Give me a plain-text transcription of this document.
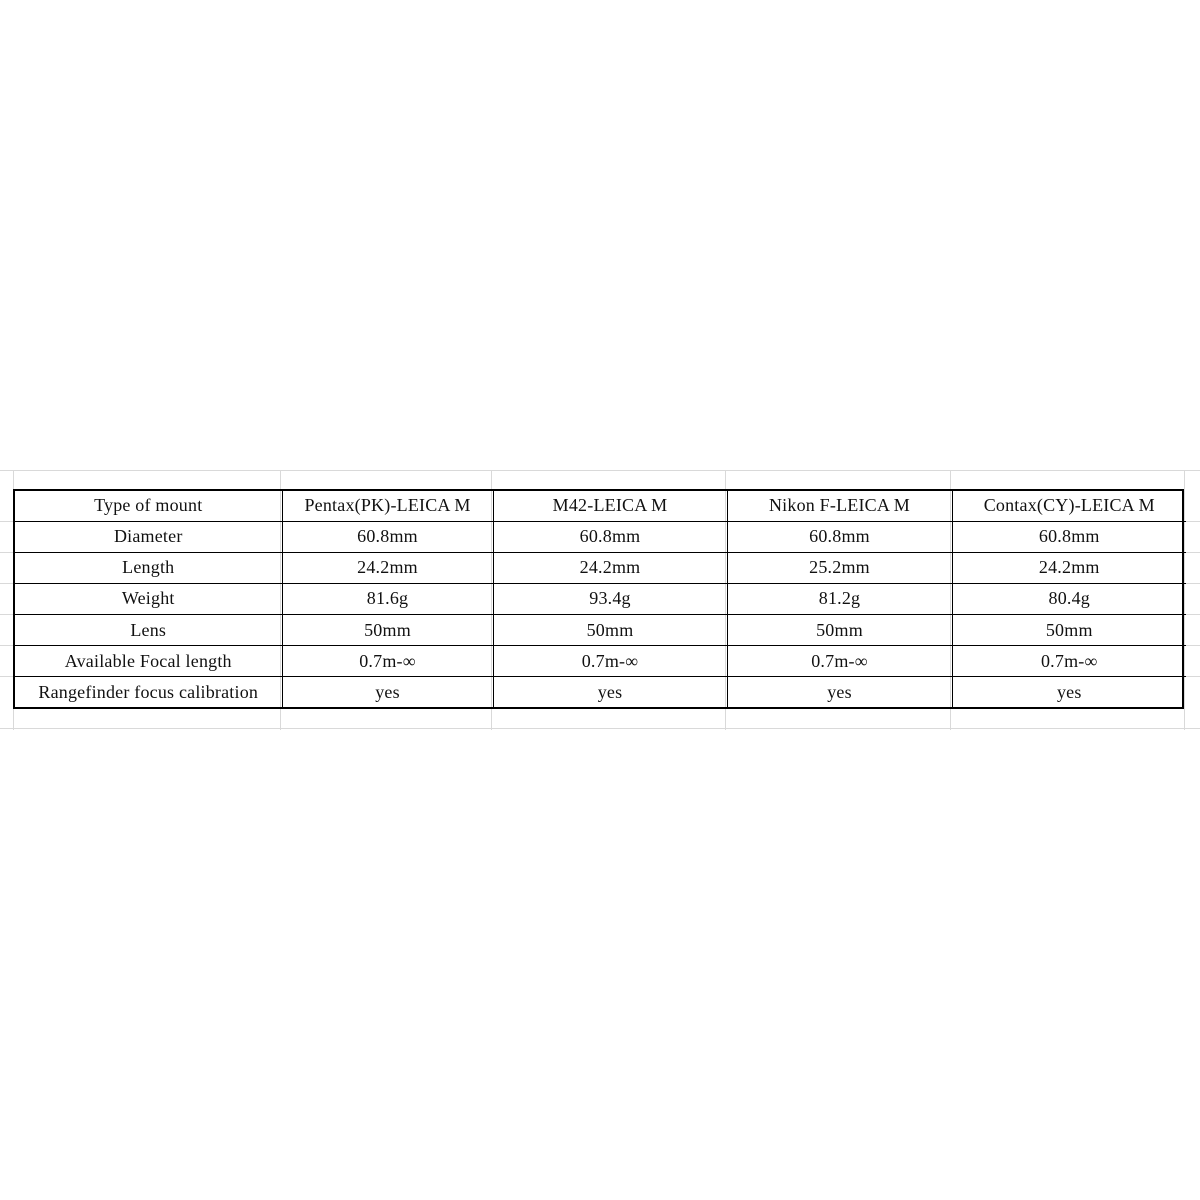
Type of mount	Pentax(PK)-LEICA M	M42-LEICA M	Nikon F-LEICA M	Contax(CY)-LEICA M
Diameter	60.8mm	60.8mm	60.8mm	60.8mm
Length	24.2mm	24.2mm	25.2mm	24.2mm
Weight	81.6g	93.4g	81.2g	80.4g
Lens	50mm	50mm	50mm	50mm
Available Focal length	0.7m-∞	0.7m-∞	0.7m-∞	0.7m-∞
Rangefinder focus calibration	yes	yes	yes	yes
